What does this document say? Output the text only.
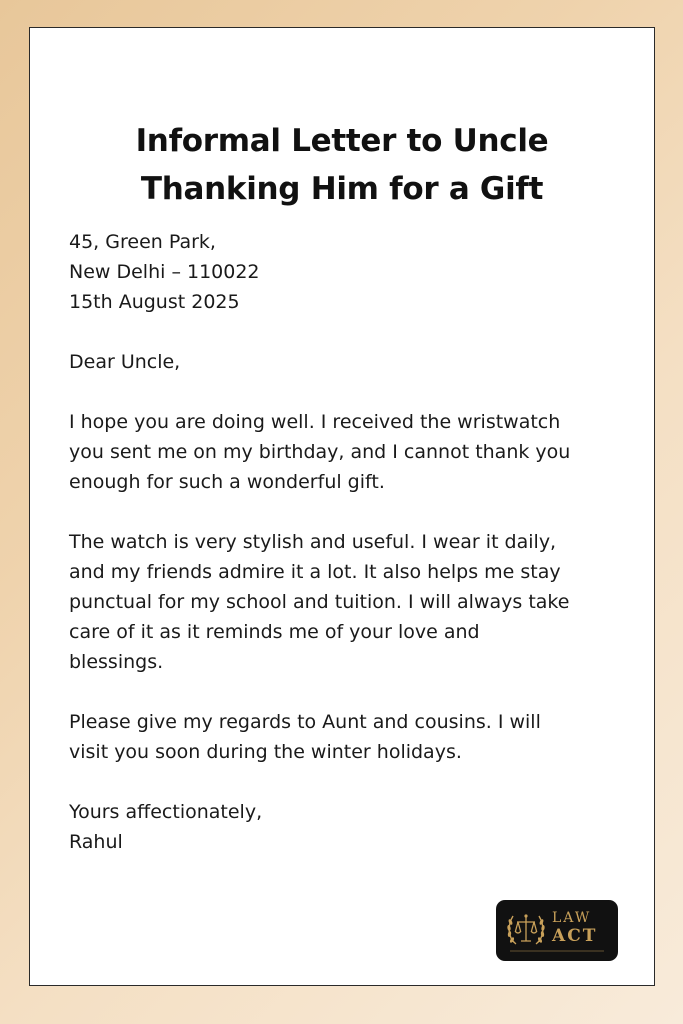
Informal Letter to Uncle
Thanking Him for a Gift
45, Green Park,
New Delhi – 110022
15th August 2025
Dear Uncle,
I hope you are doing well. I received the wristwatch
you sent me on my birthday, and I cannot thank you
enough for such a wonderful gift.
The watch is very stylish and useful. I wear it daily,
and my friends admire it a lot. It also helps me stay
punctual for my school and tuition. I will always take
care of it as it reminds me of your love and
blessings.
Please give my regards to Aunt and cousins. I will
visit you soon during the winter holidays.
Yours affectionately,
Rahul
LAW
ACT
